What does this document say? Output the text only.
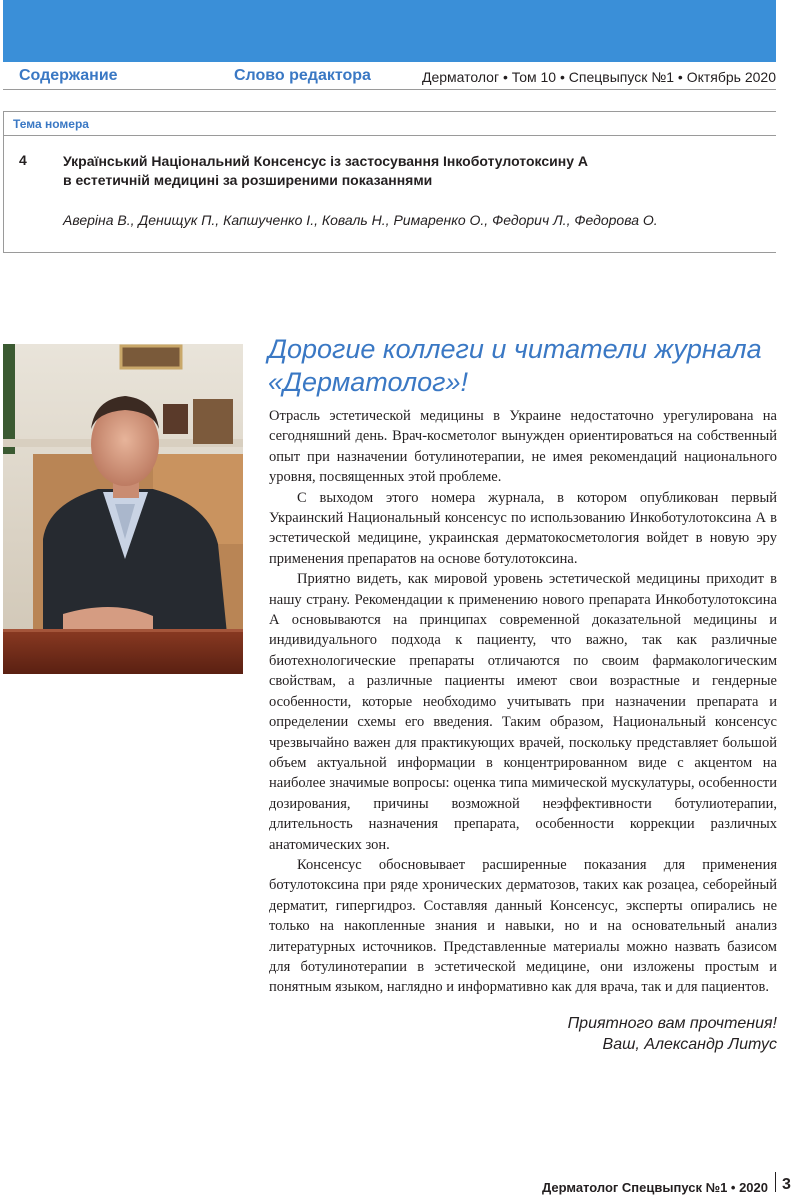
Содержание	Слово редактора	Дерматолог • Том 10 • Спецвыпуск №1 • Октябрь 2020
Тема номера
4	Український Національний Консенсус із застосування Інкоботулотоксину А
в естетичній медицині за розширеними показаннями
Аверіна В., Денищук П., Капшученко І., Коваль Н., Римаренко О., Федорич Л., Федорова О.
Дорогие коллеги и читатели журнала
«Дерматолог»!

Отрасль эстетической медицины в Украине недостаточно урегулирована на сегодняшний день. Врач-косметолог вынужден ориентироваться на собственный опыт при назначении ботулинотерапии, не имея рекомендаций национального уровня, посвященных этой проблеме.

С выходом этого номера журнала, в котором опубликован первый Украинский Национальный консенсус по использованию Инкоботулотоксина А в эстетической медицине, украинская дерматокосметология войдет в новую эру применения препаратов на основе ботулотоксина.

Приятно видеть, как мировой уровень эстетической медицины приходит в нашу страну. Рекомендации к применению нового препарата Инкоботулотоксина А основываются на принципах современной доказательной медицины и индивидуального подхода к пациенту, что важно, так как различные биотехнологические препараты отличаются по своим фармакологическим свойствам, а различные пациенты имеют свои возрастные и гендерные особенности, которые необходимо учитывать при назначении препарата и определении схемы его введения. Таким образом, Национальный консенсус чрезвычайно важен для практикующих врачей, поскольку представляет большой объем актуальной информации в концентрированном виде с акцентом на наиболее значимые вопросы: оценка типа мимической мускулатуры, особенности дозирования, причины возможной неэффективности ботулиотерапии, длительность назначения препарата, особенности коррекции различных анатомических зон.

Консенсус обосновывает расширенные показания для применения ботулотоксина при ряде хронических дерматозов, таких как розацеа, себорейный дерматит, гипергидроз. Составляя данный Консенсус, эксперты опирались не только на накопленные знания и навыки, но и на основательный анализ литературных источников. Представленные материалы можно назвать базисом для ботулинотерапии в эстетической медицине, они изложены простым и понятным языком, наглядно и информативно как для врача, так и для пациентов.

Приятного вам прочтения!
Ваш, Александр Литус
Дерматолог Спецвыпуск №1 • 2020 3
